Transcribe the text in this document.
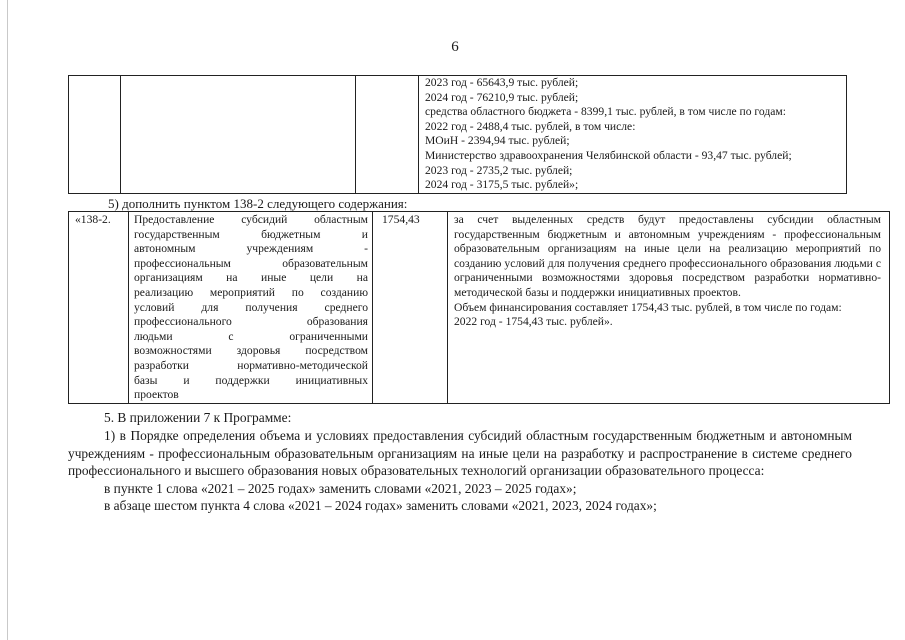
6

2023 год - 65643,9 тыс. рублей;
2024 год - 76210,9 тыс. рублей;
средства областного бюджета - 8399,1 тыс. рублей, в том числе по годам:
2022 год - 2488,4 тыс. рублей, в том числе:
МОиН - 2394,94 тыс. рублей;
Министерство здравоохранения Челябинской области - 93,47 тыс. рублей;
2023 год - 2735,2 тыс. рублей;
2024 год - 3175,5 тыс. рублей»;
5) дополнить пунктом 138-2 следующего содержания:
«138-2.	Предоставление субсидий областным
государственным бюджетным и
автономным учреждениям -
профессиональным образовательным
организациям на иные цели на
реализацию мероприятий по созданию
условий для получения среднего
профессионального образования
людьми с ограниченными
возможностями здоровья посредством
разработки нормативно-методической
базы и поддержки инициативных
проектов
	1754,43	за счет выделенных средств будут предоставлены субсидии областным государственным бюджетным и автономным учреждениям - профессиональным образовательным организациям на иные цели на реализацию мероприятий по созданию условий для получения среднего профессионального образования людьми с ограниченными возможностями здоровья посредством разработки нормативно-методической базы и поддержки инициативных проектов.
Объем финансирования составляет 1754,43 тыс. рублей, в том числе по годам:
2022 год - 1754,43 тыс. рублей».
5. В приложении 7 к Программе:

1) в Порядке определения объема и условиях предоставления субсидий областным государственным бюджетным и автономным учреждениям - профессиональным образовательным организациям на иные цели на разработку и распространение в системе среднего профессионального и высшего образования новых образовательных технологий организации образовательного процесса:

в пункте 1 слова «2021 – 2025 годах» заменить словами «2021, 2023 – 2025 годах»;
в абзаце шестом пункта 4 слова «2021 – 2024 годах» заменить словами «2021, 2023, 2024 годах»;
